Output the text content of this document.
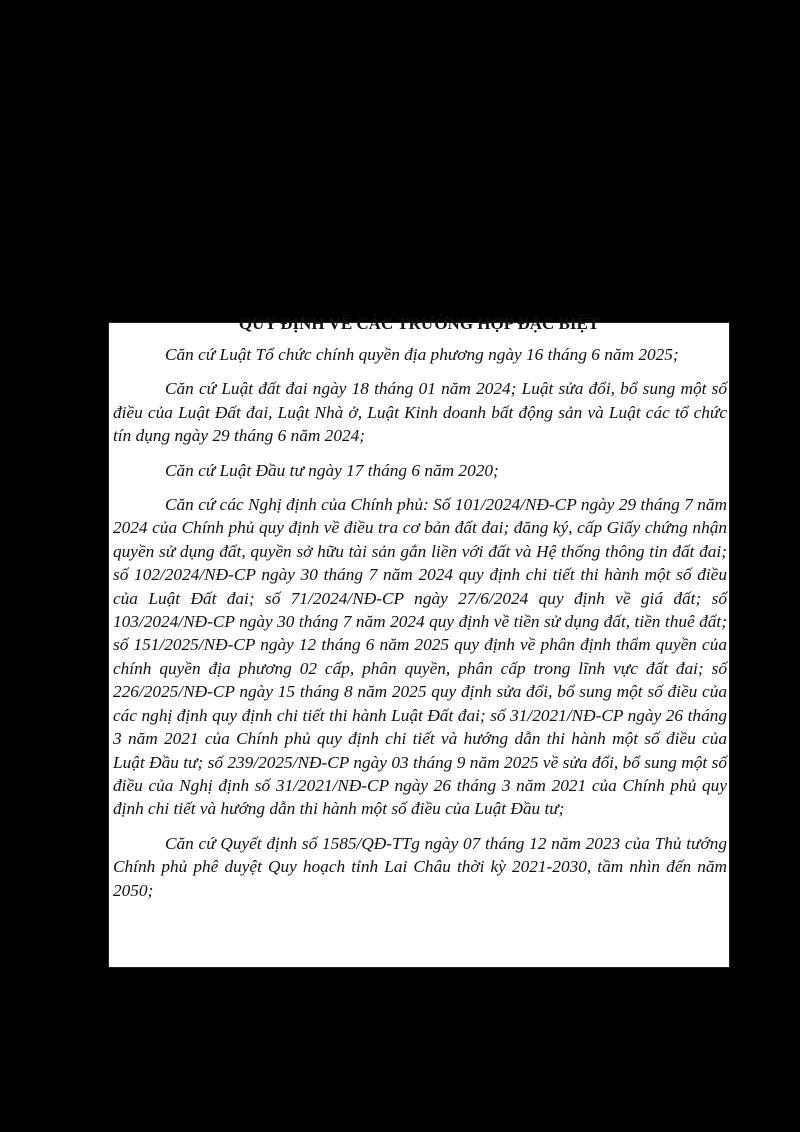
QUY ĐỊNH VỀ CÁC TRƯỜNG HỢP ĐẶC BIỆT

Căn cứ Luật Tổ chức chính quyền địa phương ngày 16 tháng 6 năm 2025;

Căn cứ Luật đất đai ngày 18 tháng 01 năm 2024; Luật sửa đổi, bổ sung một số điều của Luật Đất đai, Luật Nhà ở, Luật Kinh doanh bất động sản và Luật các tổ chức tín dụng ngày 29 tháng 6 năm 2024;

Căn cứ Luật Đầu tư ngày 17 tháng 6 năm 2020;

Căn cứ các Nghị định của Chính phủ: Số 101/2024/NĐ-CP ngày 29 tháng 7 năm 2024 của Chính phủ quy định về điều tra cơ bản đất đai; đăng ký, cấp Giấy chứng nhận quyền sử dụng đất, quyền sở hữu tài sản gắn liền với đất và Hệ thống thông tin đất đai; số 102/2024/NĐ-CP ngày 30 tháng 7 năm 2024 quy định chi tiết thi hành một số điều của Luật Đất đai; số 71/2024/NĐ-CP ngày 27/6/2024 quy định về giá đất; số 103/2024/NĐ-CP ngày 30 tháng 7 năm 2024 quy định về tiền sử dụng đất, tiền thuê đất; số 151/2025/NĐ-CP ngày 12 tháng 6 năm 2025 quy định về phân định thẩm quyền của chính quyền địa phương 02 cấp, phân quyền, phân cấp trong lĩnh vực đất đai; số 226/2025/NĐ-CP ngày 15 tháng 8 năm 2025 quy định sửa đổi, bổ sung một số điều của các nghị định quy định chi tiết thi hành Luật Đất đai; số 31/2021/NĐ-CP ngày 26 tháng 3 năm 2021 của Chính phủ quy định chi tiết và hướng dẫn thi hành một số điều của Luật Đầu tư; số 239/2025/NĐ-CP ngày 03 tháng 9 năm 2025 về sửa đổi, bổ sung một số điều của Nghị định số 31/2021/NĐ-CP ngày 26 tháng 3 năm 2021 của Chính phủ quy định chi tiết và hướng dẫn thi hành một số điều của Luật Đầu tư;

Căn cứ Quyết định số 1585/QĐ-TTg ngày 07 tháng 12 năm 2023 của Thủ tướng Chính phủ phê duyệt Quy hoạch tỉnh Lai Châu thời kỳ 2021-2030, tầm nhìn đến năm 2050;
